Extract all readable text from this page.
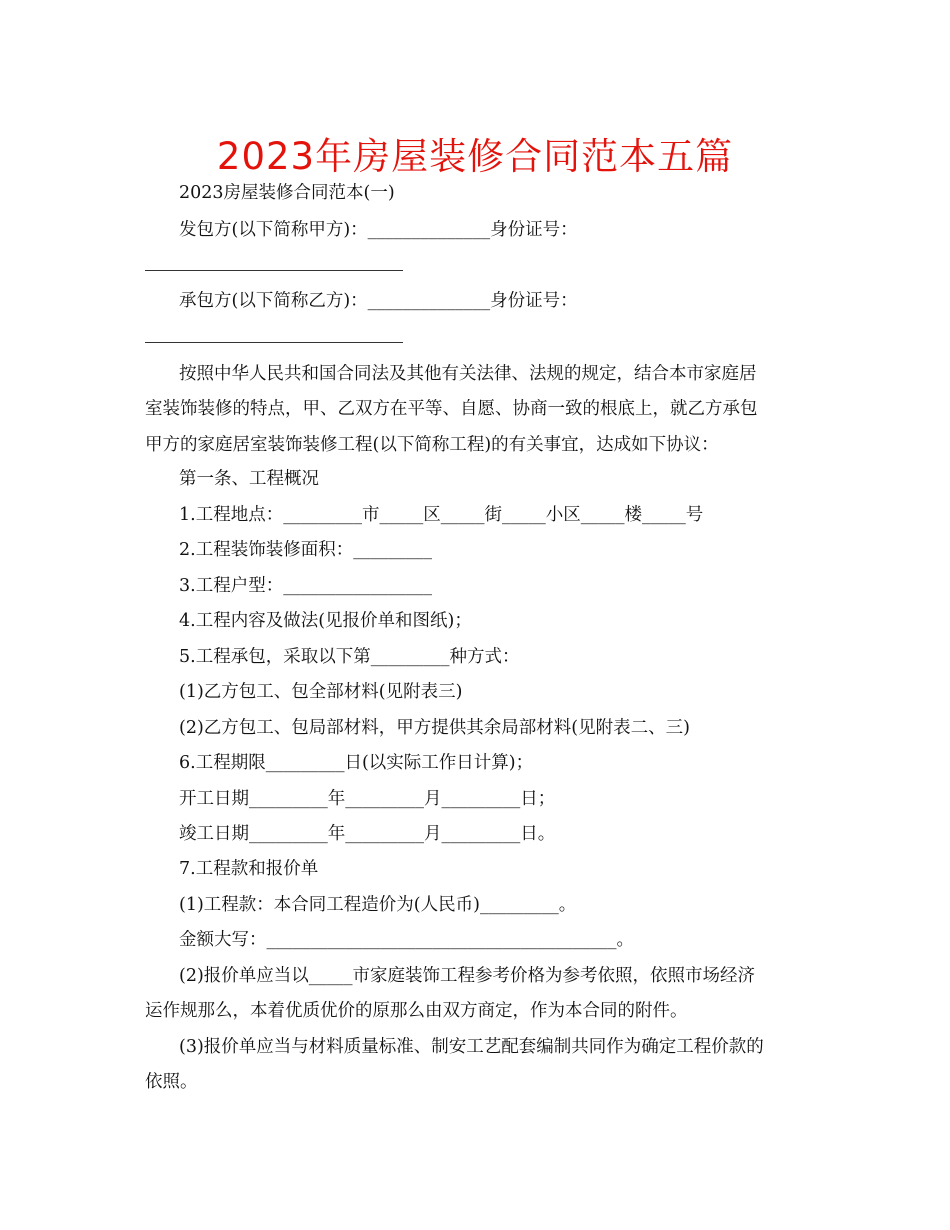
2023年房屋装修合同范本五篇
2023房屋装修合同范本(一)
发包方(以下简称甲方)：______________身份证号：
承包方(以下简称乙方)：______________身份证号：
按照中华人民共和国合同法及其他有关法律、法规的规定，结合本市家庭居
室装饰装修的特点，甲、乙双方在平等、自愿、协商一致的根底上，就乙方承包
甲方的家庭居室装饰装修工程(以下简称工程)的有关事宜，达成如下协议：
第一条、工程概况
1.工程地点：_________市_____区_____街_____小区_____楼_____号
2.工程装饰装修面积：_________
3.工程户型：_________________
4.工程内容及做法(见报价单和图纸)；
5.工程承包，采取以下第_________种方式：
(1)乙方包工、包全部材料(见附表三)
(2)乙方包工、包局部材料，甲方提供其余局部材料(见附表二、三)
6.工程期限_________日(以实际工作日计算)；
开工日期_________年_________月_________日；
竣工日期_________年_________月_________日。
7.工程款和报价单
(1)工程款：本合同工程造价为(人民币)_________。
金额大写：________________________________________。
(2)报价单应当以_____市家庭装饰工程参考价格为参考依照，依照市场经济
运作规那么，本着优质优价的原那么由双方商定，作为本合同的附件。
(3)报价单应当与材料质量标准、制安工艺配套编制共同作为确定工程价款的
依照。
